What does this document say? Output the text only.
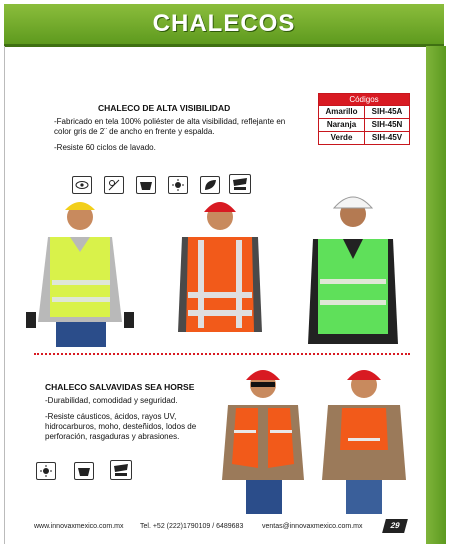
CHALECOS
CHALECO DE ALTA VISIBILIDAD

-Fabricado en tela 100% poliéster de alta visibilidad, reflejante en color gris de 2¨ de ancho en frente y espalda.

-Resiste 60 ciclos de lavado.

Códigos
Amarillo	SIH-45A
Naranja	SIH-45N
Verde	SIH-45V
CHALECO SALVAVIDAS SEA HORSE

-Durabilidad, comodidad y seguridad.

-Resiste cáusticos, ácidos, rayos UV, hidrocarburos, moho, desteñidos, lodos de perforación, rasgaduras y abrasiones.

www.innovaxmexico.com.mx Tel. +52 (222)1790109 / 6489683	ventas@innovaxmexico.com.mx	29
